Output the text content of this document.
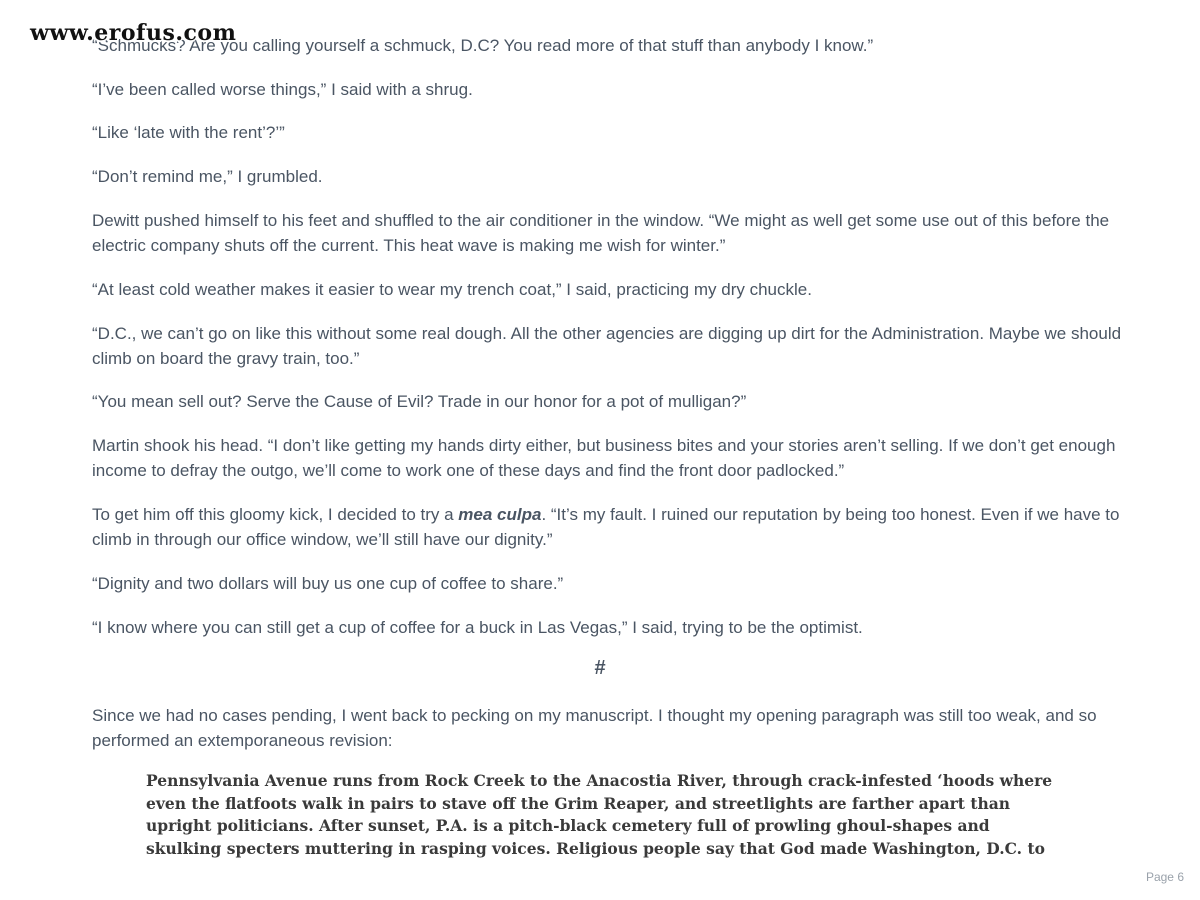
www.erofus.com

“Schmucks? Are you calling yourself a schmuck, D.C? You read more of that stuff than anybody I know.”

“I’ve been called worse things,” I said with a shrug.

“Like ‘late with the rent’?’”

“Don’t remind me,” I grumbled.

Dewitt pushed himself to his feet and shuffled to the air conditioner in the window. “We might as well get some use out of this before the electric company shuts off the current. This heat wave is making me wish for winter.”

“At least cold weather makes it easier to wear my trench coat,” I said, practicing my dry chuckle.

“D.C., we can’t go on like this without some real dough. All the other agencies are digging up dirt for the Administration. Maybe we should climb on board the gravy train, too.”

“You mean sell out? Serve the Cause of Evil? Trade in our honor for a pot of mulligan?”

Martin shook his head. “I don’t like getting my hands dirty either, but business bites and your stories aren’t selling. If we don’t get enough income to defray the outgo, we’ll come to work one of these days and find the front door padlocked.”

To get him off this gloomy kick, I decided to try a mea culpa. “It’s my fault. I ruined our reputation by being too honest. Even if we have to climb in through our office window, we’ll still have our dignity.”

“Dignity and two dollars will buy us one cup of coffee to share.”

“I know where you can still get a cup of coffee for a buck in Las Vegas,” I said, trying to be the optimist.

#

Since we had no cases pending, I went back to pecking on my manuscript. I thought my opening paragraph was still too weak, and so performed an extemporaneous revision:

Pennsylvania Avenue runs from Rock Creek to the Anacostia River, through crack-infested ‘hoods where even the flatfoots walk in pairs to stave off the Grim Reaper, and streetlights are farther apart than upright politicians. After sunset, P.A. is a pitch-black cemetery full of prowling ghoul-shapes and skulking specters muttering in rasping voices. Religious people say that God made Washington, D.C. to

Page 6
